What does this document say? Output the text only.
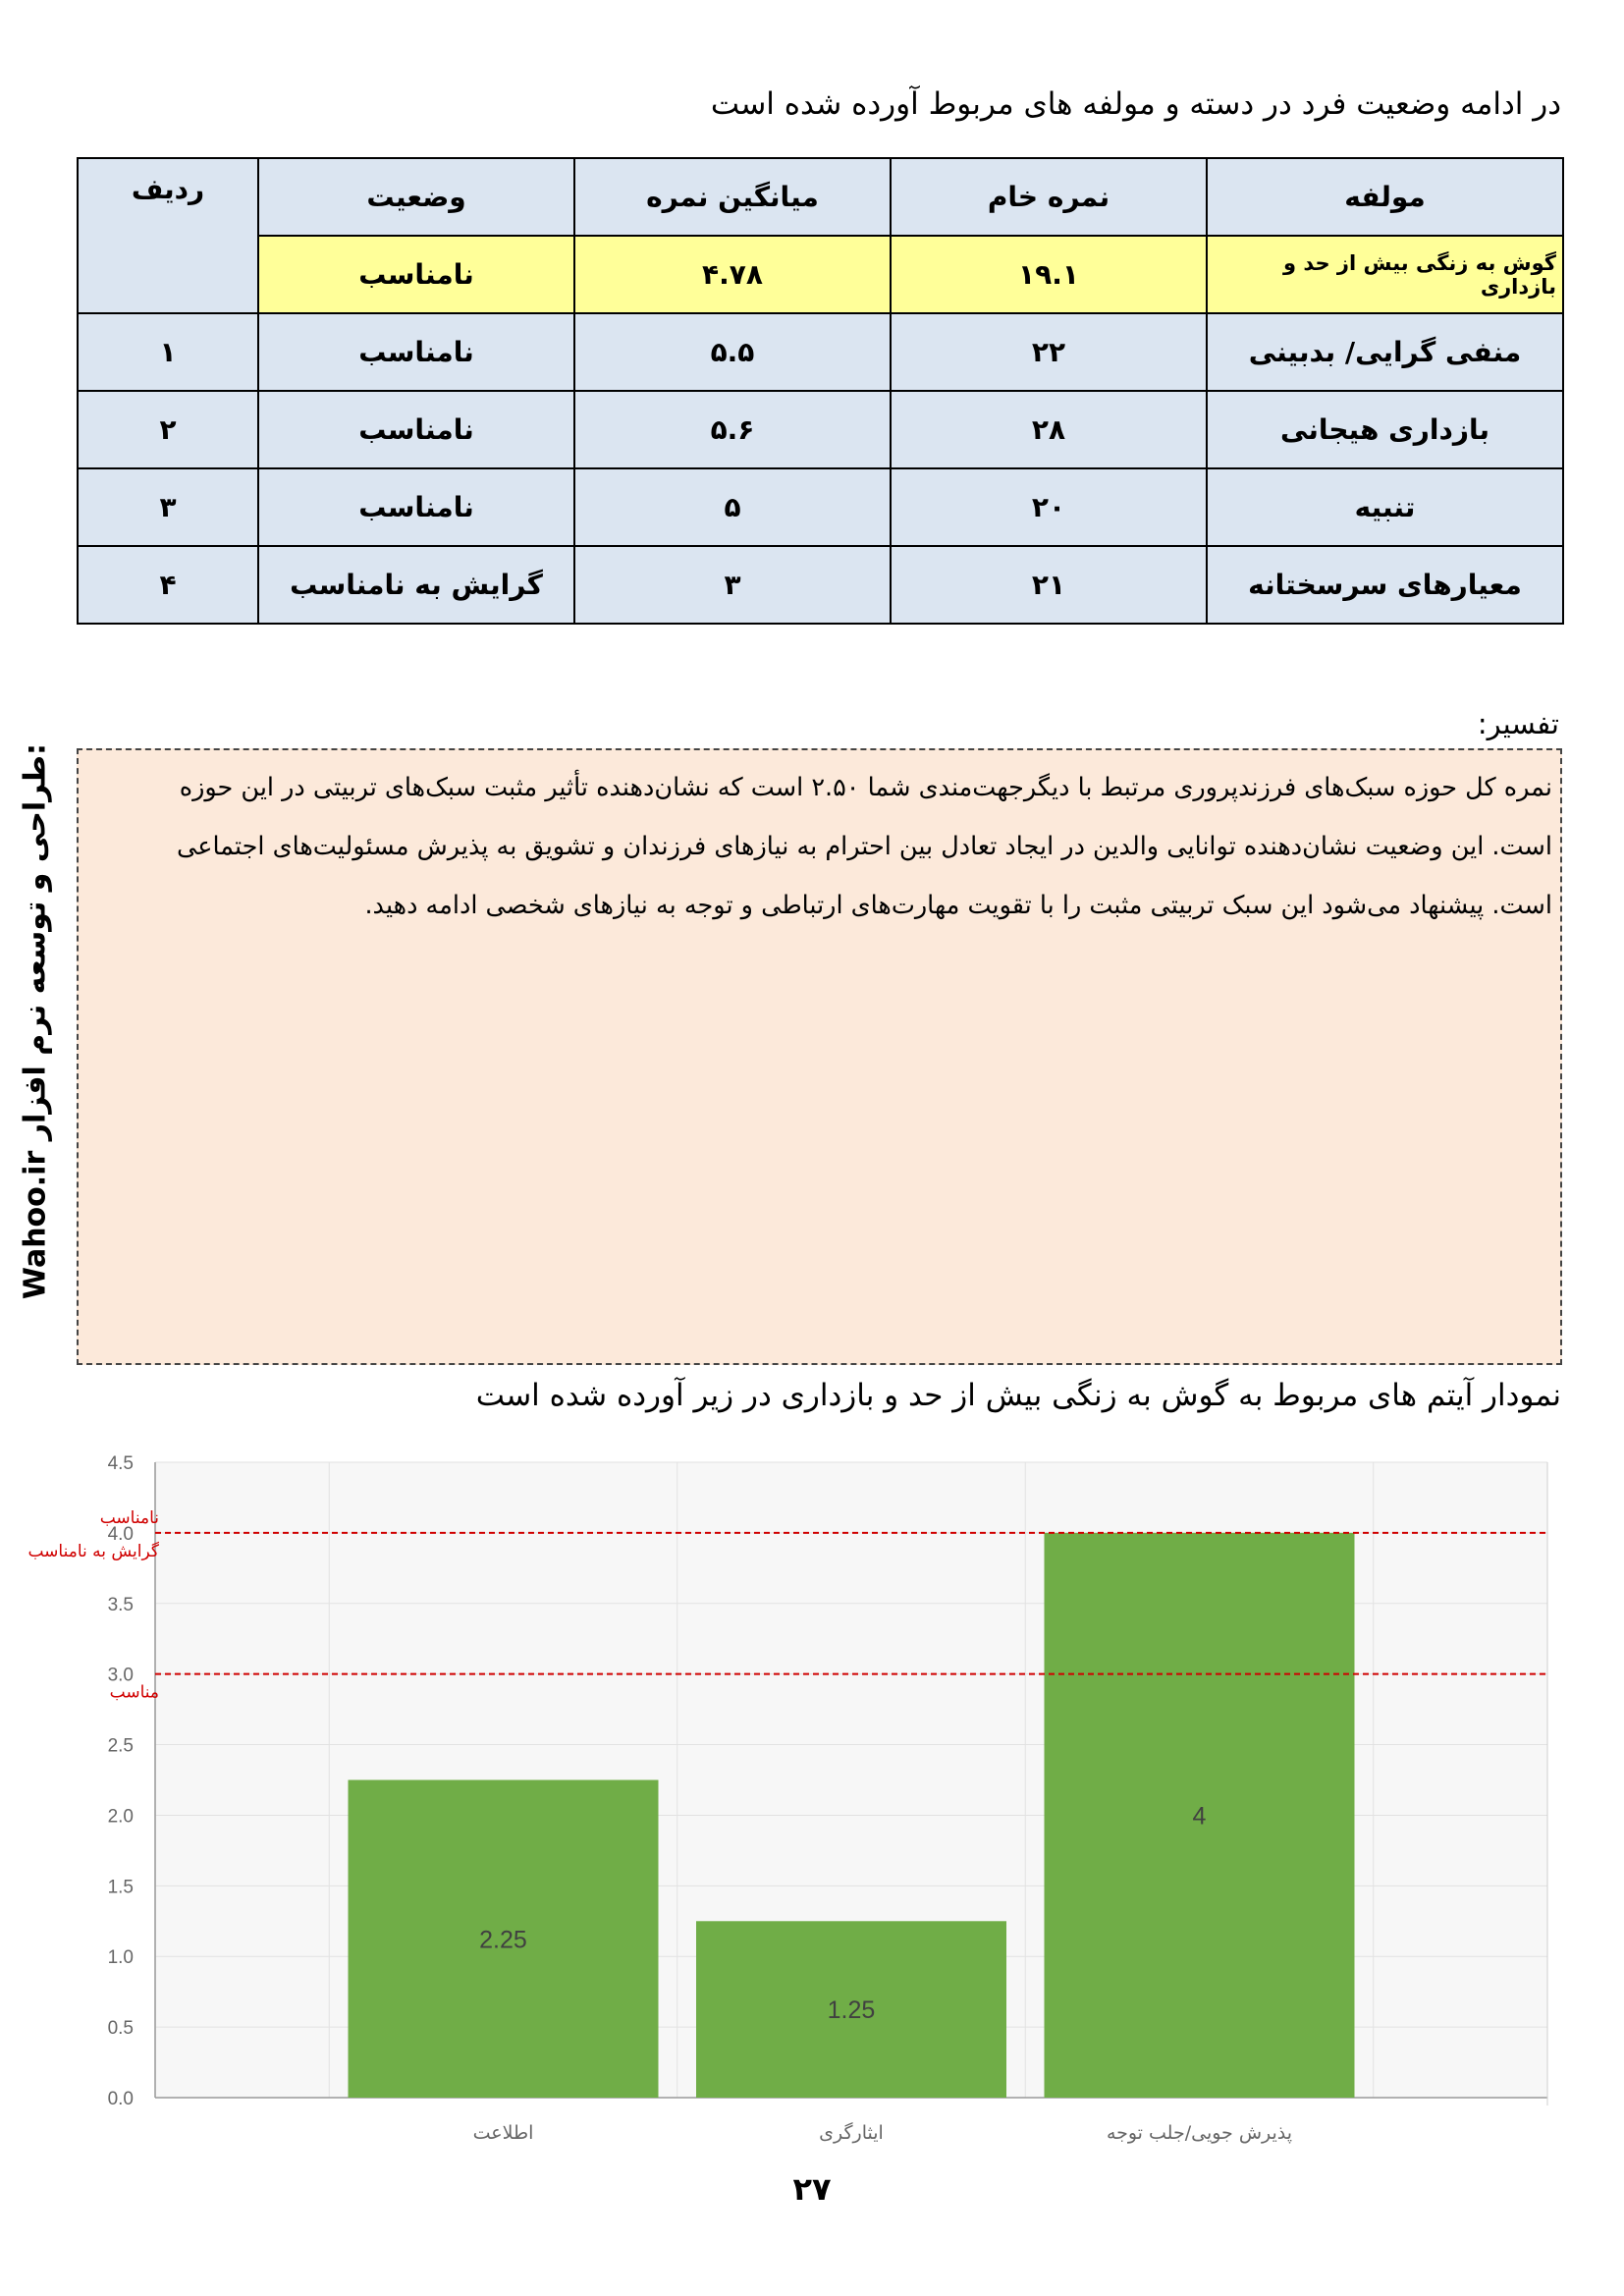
در ادامه وضعیت فرد در دسته و مولفه های مربوط آورده شده است
مولفه	نمره خام	میانگین نمره	وضعیت	ردیف
گوش به زنگی بیش از حد و بازداری	۱۹.۱	۴.۷۸	نامناسب	
منفی گرایی/ بدبینی	۲۲	۵.۵	نامناسب	۱
بازداری هیجانی	۲۸	۵.۶	نامناسب	۲
تنبیه	۲۰	۵	نامناسب	۳
معیارهای سرسختانه	۲۱	۳	گرایش به نامناسب	۴
تفسیر:
نمره کل حوزه سبک‌های فرزندپروری مرتبط با دیگرجهت‌مندی شما ۲.۵۰ است که نشان‌دهنده تأثیر مثبت سبک‌های تربیتی در این حوزه است. این وضعیت نشان‌دهنده توانایی والدین در ایجاد تعادل بین احترام به نیازهای فرزندان و تشویق به پذیرش مسئولیت‌های اجتماعی است. پیشنهاد می‌شود این سبک تربیتی مثبت را با تقویت مهارت‌های ارتباطی و توجه به نیازهای شخصی ادامه دهید.
Wahoo.ir طراحی و توسعه نرم افزار:
نمودار آیتم های مربوط به گوش به زنگی بیش از حد و بازداری در زیر آورده شده است
0.0
0.5
1.0
1.5
2.0
2.5
3.0
3.5
4.0
4.5
2.25
اطلاعت
1.25
ایثارگری
4
پذیرش جویی/جلب توجه
نامناسب
گرایش به نامناسب
مناسب
۲۷
